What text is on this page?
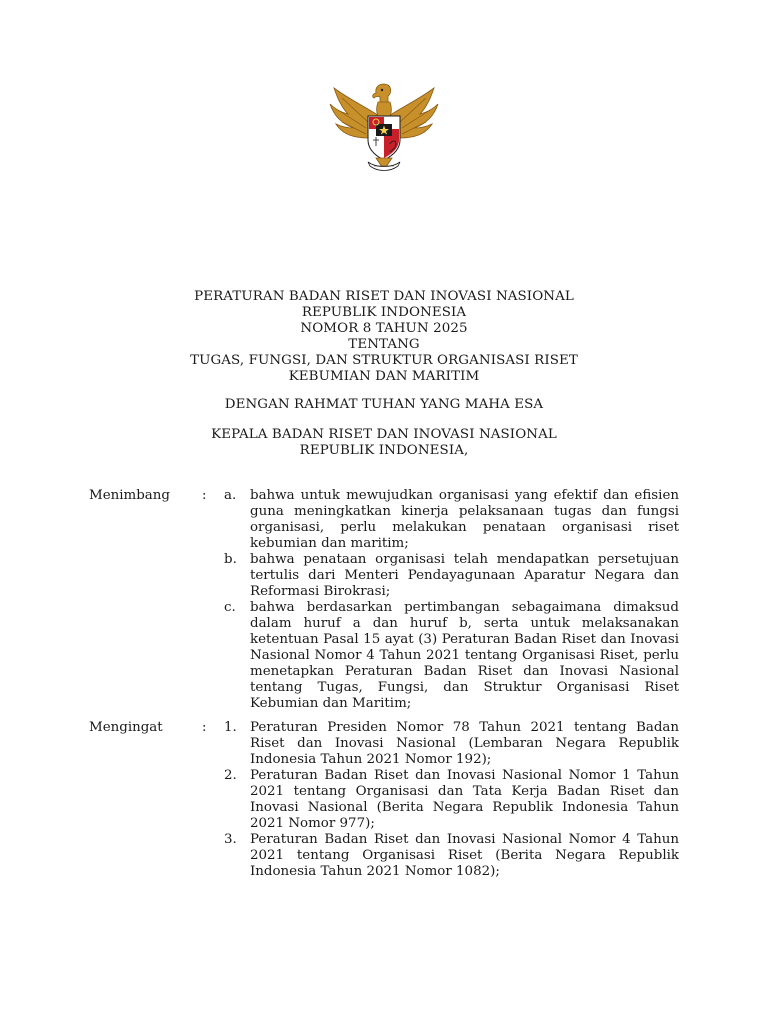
PERATURAN BADAN RISET DAN INOVASI NASIONAL
REPUBLIK INDONESIA
NOMOR 8 TAHUN 2025
TENTANG
TUGAS, FUNGSI, DAN STRUKTUR ORGANISASI RISET
KEBUMIAN DAN MARITIM
DENGAN RAHMAT TUHAN YANG MAHA ESA
KEPALA BADAN RISET DAN INOVASI NASIONAL
REPUBLIK INDONESIA,
Menimbang : a. bahwa untuk mewujudkan organisasi yang efektif dan efisien guna meningkatkan kinerja pelaksanaan tugas dan fungsi organisasi, perlu melakukan penataan organisasi riset kebumian dan maritim;
b. bahwa penataan organisasi telah mendapatkan persetujuan tertulis dari Menteri Pendayagunaan Aparatur Negara dan Reformasi Birokrasi;
c. bahwa berdasarkan pertimbangan sebagaimana dimaksud dalam huruf a dan huruf b, serta untuk melaksanakan ketentuan Pasal 15 ayat (3) Peraturan Badan Riset dan Inovasi Nasional Nomor 4 Tahun 2021 tentang Organisasi Riset, perlu menetapkan Peraturan Badan Riset dan Inovasi Nasional tentang Tugas, Fungsi, dan Struktur Organisasi Riset Kebumian dan Maritim;
Mengingat	: 1. Peraturan Presiden Nomor 78 Tahun 2021 tentang Badan Riset dan Inovasi Nasional (Lembaran Negara Republik Indonesia Tahun 2021 Nomor 192);
2. Peraturan Badan Riset dan Inovasi Nasional Nomor 1 Tahun 2021 tentang Organisasi dan Tata Kerja Badan Riset dan Inovasi Nasional (Berita Negara Republik Indonesia Tahun 2021 Nomor 977);
3. Peraturan Badan Riset dan Inovasi Nasional Nomor 4 Tahun 2021 tentang Organisasi Riset (Berita Negara Republik Indonesia Tahun 2021 Nomor 1082);
